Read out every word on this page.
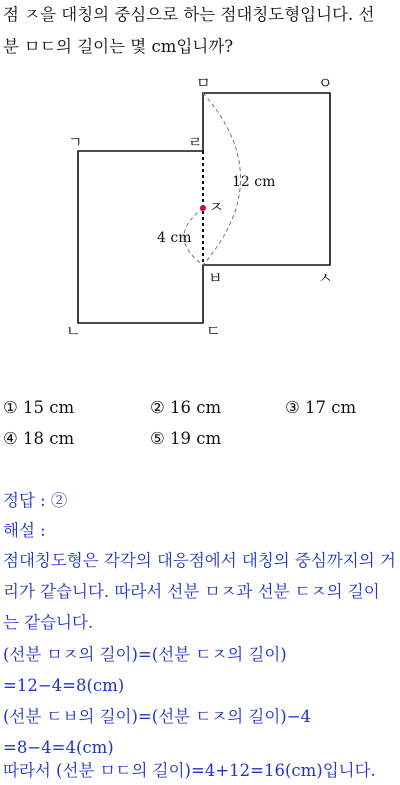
점 ㅈ을 대칭의 중심으로 하는 점대칭도형입니다. 선
분 ㅁㄷ의 길이는 몇 cm입니까?
ㄱ
ㄴ	ㄷ
ㄹ
ㅁ
ㅂ	ㅅ
ㅇ
ㅈ
12 cm
4 cm
① 15 cm	② 16 cm	③ 17 cm
④ 18 cm	⑤ 19 cm
정답 : ②
해설 :
점대칭도형은 각각의 대응점에서 대칭의 중심까지의 거
리가 같습니다. 따라서 선분 ㅁㅈ과 선분 ㄷㅈ의 길이
는 같습니다.
(선분 ㅁㅈ의 길이)=(선분 ㄷㅈ의 길이)
=12−4=8(cm)
(선분 ㄷㅂ의 길이)=(선분 ㄷㅈ의 길이)−4
=8−4=4(cm)
따라서 (선분 ㅁㄷ의 길이)=4+12=16(cm)입니다.
